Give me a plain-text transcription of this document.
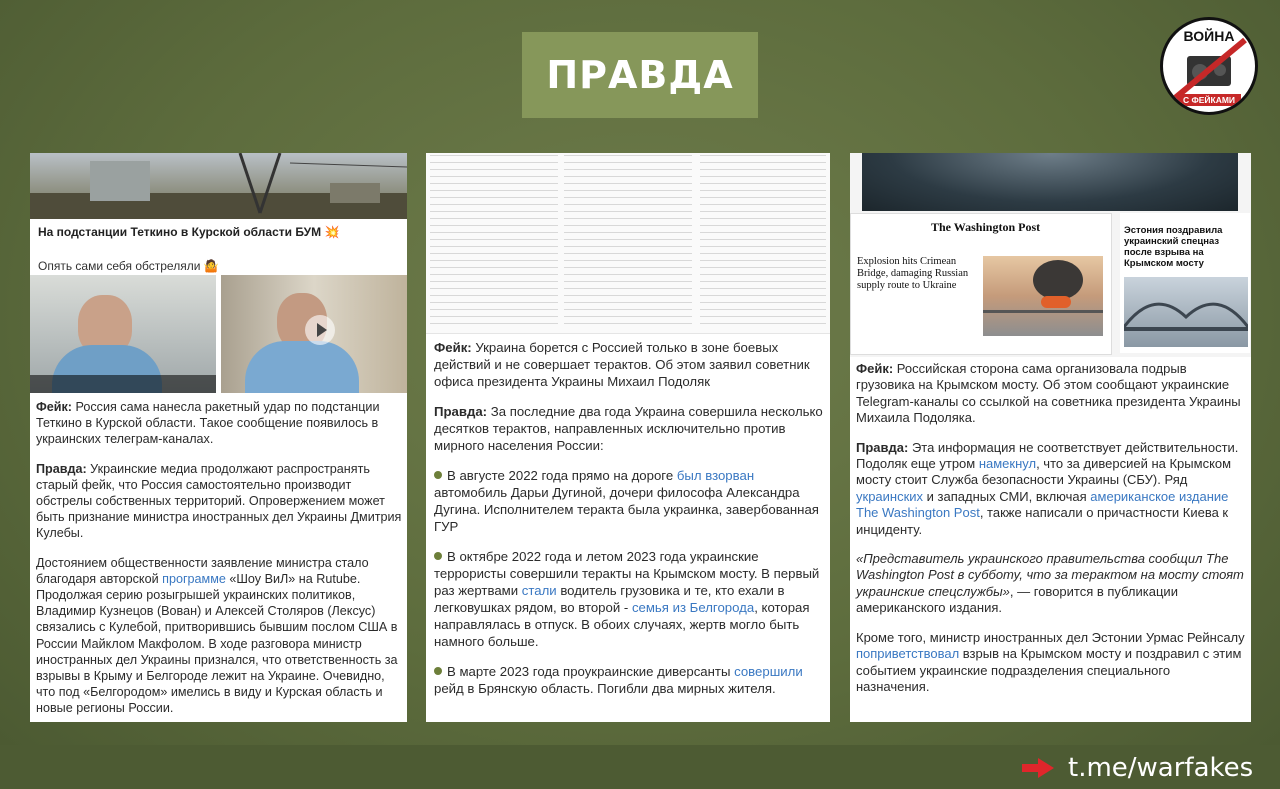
ПРАВДА
ВОЙНА
С ФЕЙКАМИ
На подстанции Теткино в Курской области БУМ 💥
Опять сами себя обстреляли 🤷

Фейк: Россия сама нанесла ракетный удар по подстанции Теткино в Курской области. Такое сообщение появилось в украинских телеграм-каналах.

Правда: Украинские медиа продолжают распространять старый фейк, что Россия самостоятельно производит обстрелы собственных территорий. Опровержением может быть признание министра иностранных дел Украины Дмитрия Кулебы.

Достоянием общественности заявление министра стало благодаря авторской программе «Шоу ВиЛ» на Rutube. Продолжая серию розыгрышей украинских политиков, Владимир Кузнецов (Вован) и Алексей Столяров (Лексус) связались с Кулебой, притворившись бывшим послом США в России Майклом Макфолом. В ходе разговора министр иностранных дел Украины признался, что ответственность за взрывы в Крыму и Белгороде лежит на Украине. Очевидно, что под «Белгородом» имелись в виду и Курская область и новые регионы России.

Фейк: Украина борется с Россией только в зоне боевых действий и не совершает терактов. Об этом заявил советник офиса президента Украины Михаил Подоляк

Правда: За последние два года Украина совершила несколько десятков терактов, направленных исключительно против мирного населения России:

В августе 2022 года прямо на дороге был взорван автомобиль Дарьи Дугиной, дочери философа Александра Дугина. Исполнителем теракта была украинка, завербованная ГУР

В октябре 2022 года и летом 2023 года украинские террористы совершили теракты на Крымском мосту. В первый раз жертвами стали водитель грузовика и те, кто ехали в легковушках рядом, во второй - семья из Белгорода, которая направлялась в отпуск. В обоих случаях, жертв могло быть намного больше.

В марте 2023 года проукраинские диверсанты совершили рейд в Брянскую область. Погибли два мирных жителя.

The Washington Post
Explosion hits Crimean Bridge, damaging Russian supply route to Ukraine
Эстония поздравила украинский спецназ после взрыва на Крымском мосту

Фейк: Российская сторона сама организовала подрыв грузовика на Крымском мосту. Об этом сообщают украинские Telegram-каналы со ссылкой на советника президента Украины Михаила Подоляка.

Правда: Эта информация не соответствует действительности. Подоляк еще утром намекнул, что за диверсией на Крымском мосту стоит Служба безопасности Украины (СБУ). Ряд украинских и западных СМИ, включая американское издание The Washington Post, также написали о причастности Киева к инциденту.

«Представитель украинского правительства сообщил The Washington Post в субботу, что за терактом на мосту стоят украинские спецслужбы», — говорится в публикации американского издания.

Кроме того, министр иностранных дел Эстонии Урмас Рейнсалу поприветствовал взрыв на Крымском мосту и поздравил с этим событием украинские подразделения специального назначения.

t.me/warfakes
